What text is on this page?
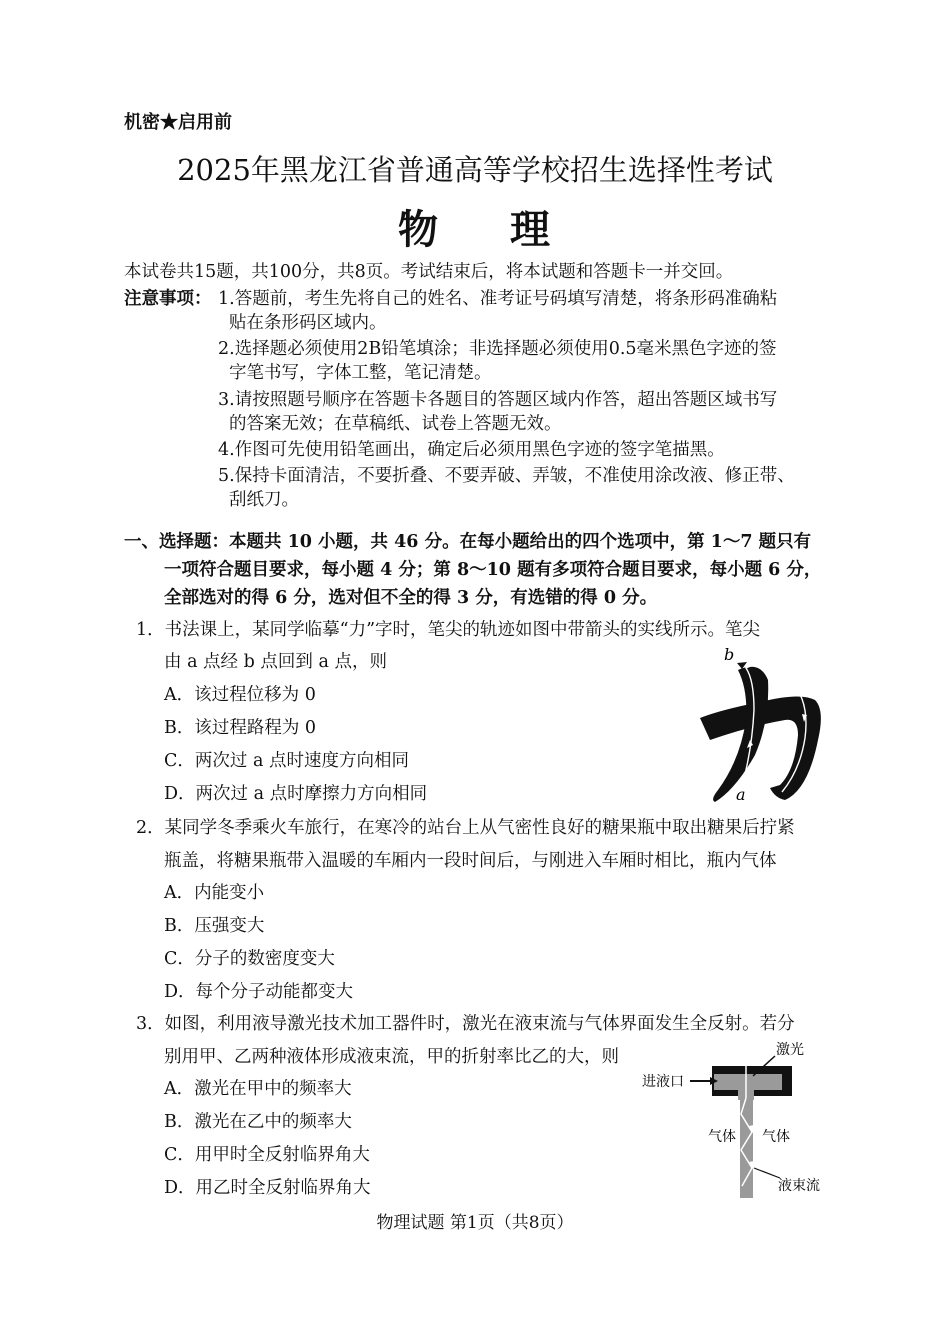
机密★启用前
2025年黑龙江省普通高等学校招生选择性考试
物 理
本试卷共15题，共100分，共8页。考试结束后，将本试题和答题卡一并交回。
注意事项： 1.答题前，考生先将自己的姓名、准考证号码填写清楚，将条形码准确粘
贴在条形码区域内。
2.选择题必须使用2B铅笔填涂；非选择题必须使用0.5毫米黑色字迹的签
字笔书写，字体工整，笔记清楚。
3.请按照题号顺序在答题卡各题目的答题区域内作答，超出答题区域书写
的答案无效；在草稿纸、试卷上答题无效。
4.作图可先使用铅笔画出，确定后必须用黑色字迹的签字笔描黑。
5.保持卡面清洁，不要折叠、不要弄破、弄皱，不准使用涂改液、修正带、
刮纸刀。
一、选择题：本题共 10 小题，共 46 分。在每小题给出的四个选项中，第 1～7 题只有
一项符合题目要求，每小题 4 分；第 8～10 题有多项符合题目要求，每小题 6 分，
全部选对的得 6 分，选对但不全的得 3 分，有选错的得 0 分。
1．书法课上，某同学临摹“力”字时，笔尖的轨迹如图中带箭头的实线所示。笔尖
由 a 点经 b 点回到 a 点，则
A．该过程位移为 0
B．该过程路程为 0
C．两次过 a 点时速度方向相同
D．两次过 a 点时摩擦力方向相同
b
a
2．某同学冬季乘火车旅行，在寒冷的站台上从气密性良好的糖果瓶中取出糖果后拧紧
瓶盖，将糖果瓶带入温暖的车厢内一段时间后，与刚进入车厢时相比，瓶内气体
A．内能变小
B．压强变大
C．分子的数密度变大
D．每个分子动能都变大
3．如图，利用液导激光技术加工器件时，激光在液束流与气体界面发生全反射。若分
别用甲、乙两种液体形成液束流，甲的折射率比乙的大，则
A．激光在甲中的频率大
B．激光在乙中的频率大
C．用甲时全反射临界角大
D．用乙时全反射临界角大
激光
进液口
气体 气体
液束流
物理试题 第1页（共8页）
